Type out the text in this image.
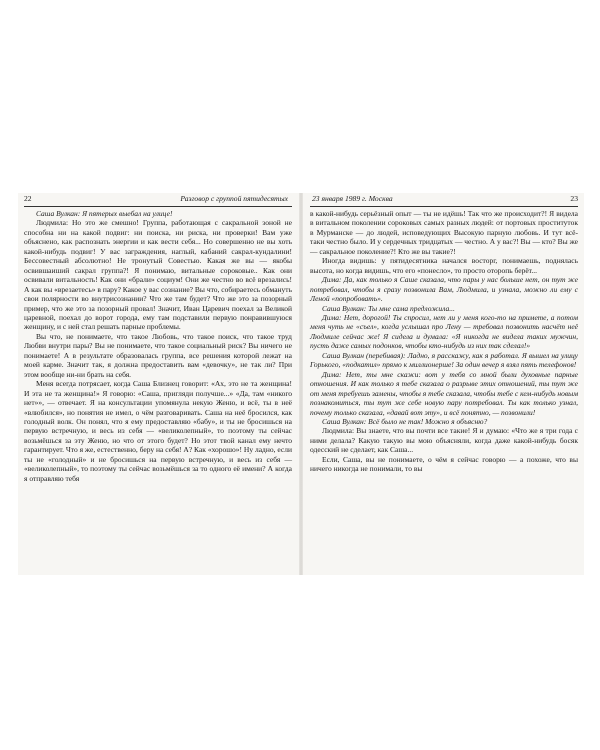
22	Разговор с группой пятидесятых

Саша Вулкан: Я пятерых выебал на улице!

Людмила: Но это же смешно! Группа, работающая с сакральной зоной не способна ни на какой подвиг: ни поиска, ни риска, ни проверки! Вам уже объяснено, как распознать энергии и как вести себя... Но совершенно не вы хоть какой-нибудь подвиг! У вас заграждения, наглый, кабаний сакрал-кундалини! Бессовестный абсолютно! Не тронутый Совестью. Какая же вы — якобы освившаиший сакрал группа?! Я понимаю, витальные сороковые.. Как они освивали витальность! Как они «брали» социум! Они же честно во всё врезались! А как вы «врезаетесь» в пару? Какое у вас сознание? Вы что, собираетесь обмануть свои полярности во внутрисознании? Что же там будет? Что же это за позорный пример, что же это за позорный провал! Значит, Иван Царевич поехал за Великой царевной, поехал до ворот города, ему там подставили первую понравившуюся женщину, и с ней стал решать парные проблемы.

Вы что, не понимаете, что такое Любовь, что такое поиск, что такое труд Любви внутри пары? Вы не понимаете, что такое социальный риск? Вы ничего не понимаете! А в результате образовалась группа, все решения которой лежат на моей карме. Значит так, я должна предоставить вам «девочку», не так ли? При этом вообще ни-ни брать на себя.

Меня всегда потрясает, когда Саша Близнец говорит: «Ах, это не та женщина! И эта не та женщина!» Я говорю: «Саша, пригляди получше...» «Да, там «никого нет»», — отвечает. Я на консультации упомянула некую Женю, и всё, ты в неё «влюбился», но понятия не имел, о чём разговаривать. Саша на неё бросился, как голодный волк. Он понял, что я ему предоставляю «бабу», и ты не бросишься на первую встречную, и весь из себя — «великолепный», то поэтому ты сейчас возьмёшься за эту Женю, но что от этого будет? Но этот твой канал ему нечто гарантирует. Что я же, естественно, беру на себя! А? Как «хорошо»! Ну ладно, если ты не «голодный» и не бросишься на первую встречную, и весь из себя — «великолепный», то поэтому ты сейчас возьмёшься за то одного её имени? А когда я отправляю тебя

23 января 1989 г. Москва	23

в какой-нибудь серьёзный опыт — ты не идёшь! Так что же происходит?! Я видела в витальном поколении сороковых самых разных людей: от портовых проституток в Мурманске — до людей, исповедующих Высокую парную любовь. И тут всё-таки честно было. И у сердечных тридцатых — честно. А у вас?! Вы — кто? Вы же — сакральное поколение?! Кто же вы такие?!

Иногда видишь: у пятидесятника начался восторг, понимаешь, поднялась высота, но когда видишь, что его «понесло», то просто оторопь берёт...

Дима: Да, как только я Саше сказала, что пары у нас больше нет, он тут же потребовал, чтобы я сразу позвонила Вам, Людмила, и узнала, можно ли ему с Леной «попробовать».

Саша Вулкан: Ты мне сама предложила...

Дима: Нет, дорогой! Ты спросил, нет ли у меня кого-то на примете, а потом меня чуть не «съел», когда услышал про Лену — требовал позвонить насчёт неё Людмиле сейчас же! Я сидела и думала: «Я никогда не видела таких мужчин, пусть даже самых подонков, чтобы кто-нибудь из них так сделал!»

Саша Вулкан (перебивая): Ладно, я расскажу, как я работал. Я вышел на улицу Горького, «подкатил» прямо к миллионерше! За один вечер я взял пять телефонов!

Дима: Нет, ты мне скажи: вот у тебя со мной были духовные парные отношения. И как только я тебе сказала о разрыве этих отношений, ты тут же от меня требуешь замены, чтобы я тебе сказала, чтобы тебе с кем-нибудь новым познакомиться, ты тут же себе новую пару потребовал. Ты как только узнал, почему только сказала, «давай вот эту», и всё понятно, — позвонили!

Саша Вулкан: Всё было не так! Можно я объясню?

Людмила: Вы знаете, что вы почти все такие! Я и думаю: «Что же я три года с ними делала? Какую такую вы мою объясняли, когда даже какой-нибудь босяк одесский не сделает, как Саша...

Если, Саша, вы не понимаете, о чём я сейчас говорю — а похоже, что вы ничего никогда не понимали, то вы
